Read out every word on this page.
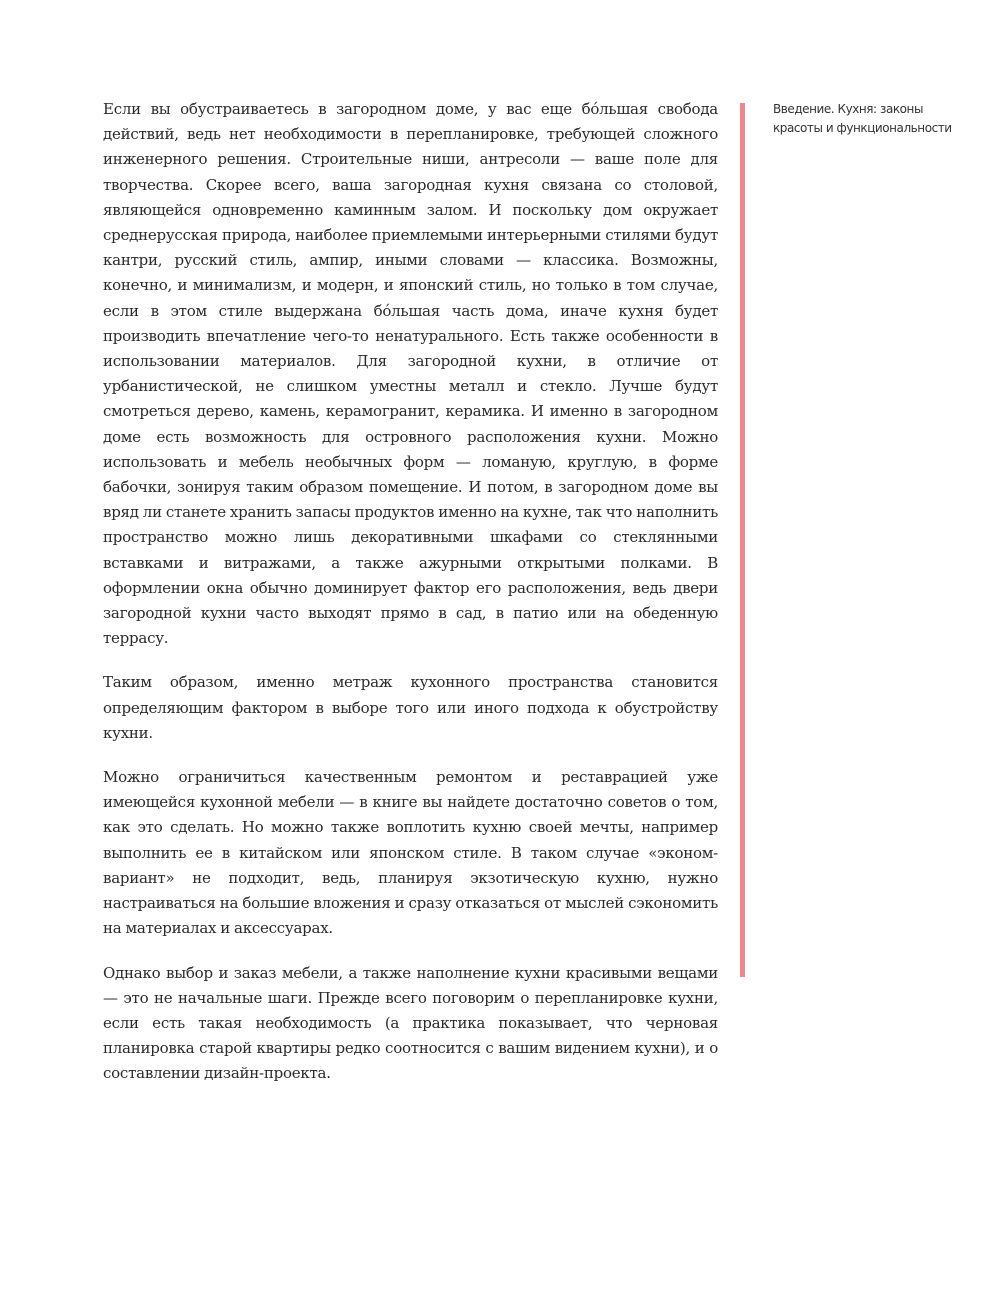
Если вы обустраиваетесь в загородном доме, у вас еще бóльшая свобода действий, ведь нет необходимости в перепланировке, требующей сложного инженерного решения. Строительные ниши, антресоли — ваше поле для творчества. Скорее всего, ваша загородная кухня связана со столовой, являющейся одновременно каминным залом. И поскольку дом окружает среднерусская природа, наиболее приемлемыми интерьерными стилями будут кантри, русский стиль, ампир, иными словами — классика. Возможны, конечно, и минимализм, и модерн, и японский стиль, но только в том случае, если в этом стиле выдержана бóльшая часть дома, иначе кухня будет производить впечатление чего-то ненатурального. Есть также особенности в использовании материалов. Для загородной кухни, в отличие от урбанистической, не слишком уместны металл и стекло. Лучше будут смотреться дерево, камень, керамогранит, керамика. И именно в загородном доме есть возможность для островного расположения кухни. Можно использовать и мебель необычных форм — ломаную, круглую, в форме бабочки, зонируя таким образом помещение. И потом, в загородном доме вы вряд ли станете хранить запасы продуктов именно на кухне, так что наполнить пространство можно лишь декоративными шкафами со стеклянными вставками и витражами, а также ажурными открытыми полками. В оформлении окна обычно доминирует фактор его расположения, ведь двери загородной кухни часто выходят прямо в сад, в патио или на обеденную террасу.

Таким образом, именно метраж кухонного пространства становится определяющим фактором в выборе того или иного подхода к обустройству кухни.

Можно ограничиться качественным ремонтом и реставрацией уже имеющейся кухонной мебели — в книге вы найдете достаточно советов о том, как это сделать. Но можно также воплотить кухню своей мечты, например выполнить ее в китайском или японском стиле. В таком случае «эконом-вариант» не подходит, ведь, планируя экзотическую кухню, нужно настраиваться на большие вложения и сразу отказаться от мыслей сэкономить на материалах и аксессуарах.

Однако выбор и заказ мебели, а также наполнение кухни красивыми вещами — это не начальные шаги. Прежде всего поговорим о перепланировке кухни, если есть такая необходимость (а практика показывает, что черновая планировка старой квартиры редко соотносится с вашим видением кухни), и о составлении дизайн-проекта.

Введение. Кухня: законы красоты и функциональности
